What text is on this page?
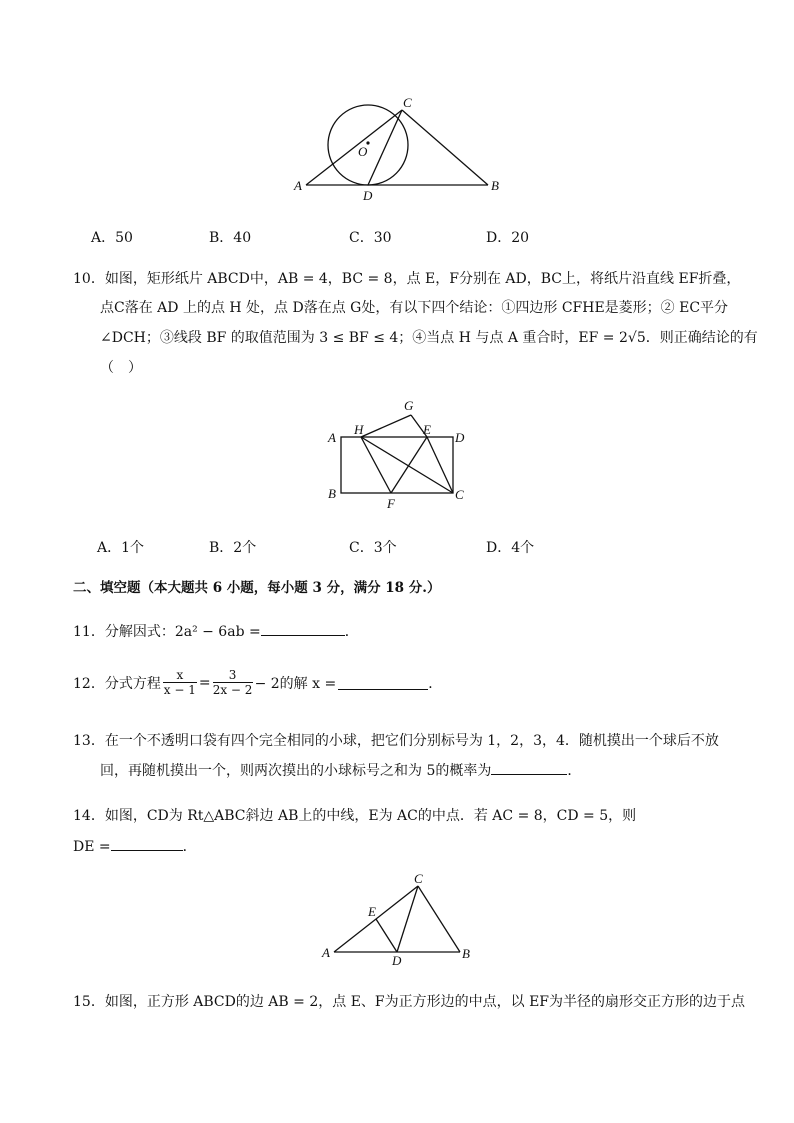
C
O
A
D
B
A．50	B．40	C．30	D．20
10．如图，矩形纸片 ABCD中，AB = 4，BC = 8，点 E，F分别在 AD，BC上，将纸片沿直线 EF折叠，
点C落在 AD 上的点 H 处，点 D落在点 G处，有以下四个结论：①四边形 CFHE是菱形；② EC平分
∠DCH；③线段 BF 的取值范围为 3 ≤ BF ≤ 4；④当点 H 与点 A 重合时，EF = 2√5．则正确结论的有
（　）
G
A
H	E
D
B
F
C
A．1个	B．2个	C．3个	D．4个
二、填空题（本大题共 6 小题，每小题 3 分，满分 18 分.）
11．分解因式：2a² − 6ab =	．
12．分式方程
x
x − 1 = 3
2x − 2 − 2的解 x =	．
13．在一个不透明口袋有四个完全相同的小球，把它们分别标号为 1，2，3，4．随机摸出一个球后不放
回，再随机摸出一个，则两次摸出的小球标号之和为 5的概率为	．
14．如图，CD为 Rt△ABC斜边 AB上的中线，E为 AC的中点．若 AC = 8，CD = 5，则
DE =	．
C
E
A
D	B
15．如图，正方形 ABCD的边 AB = 2，点 E、F为正方形边的中点，以 EF为半径的扇形交正方形的边于点
